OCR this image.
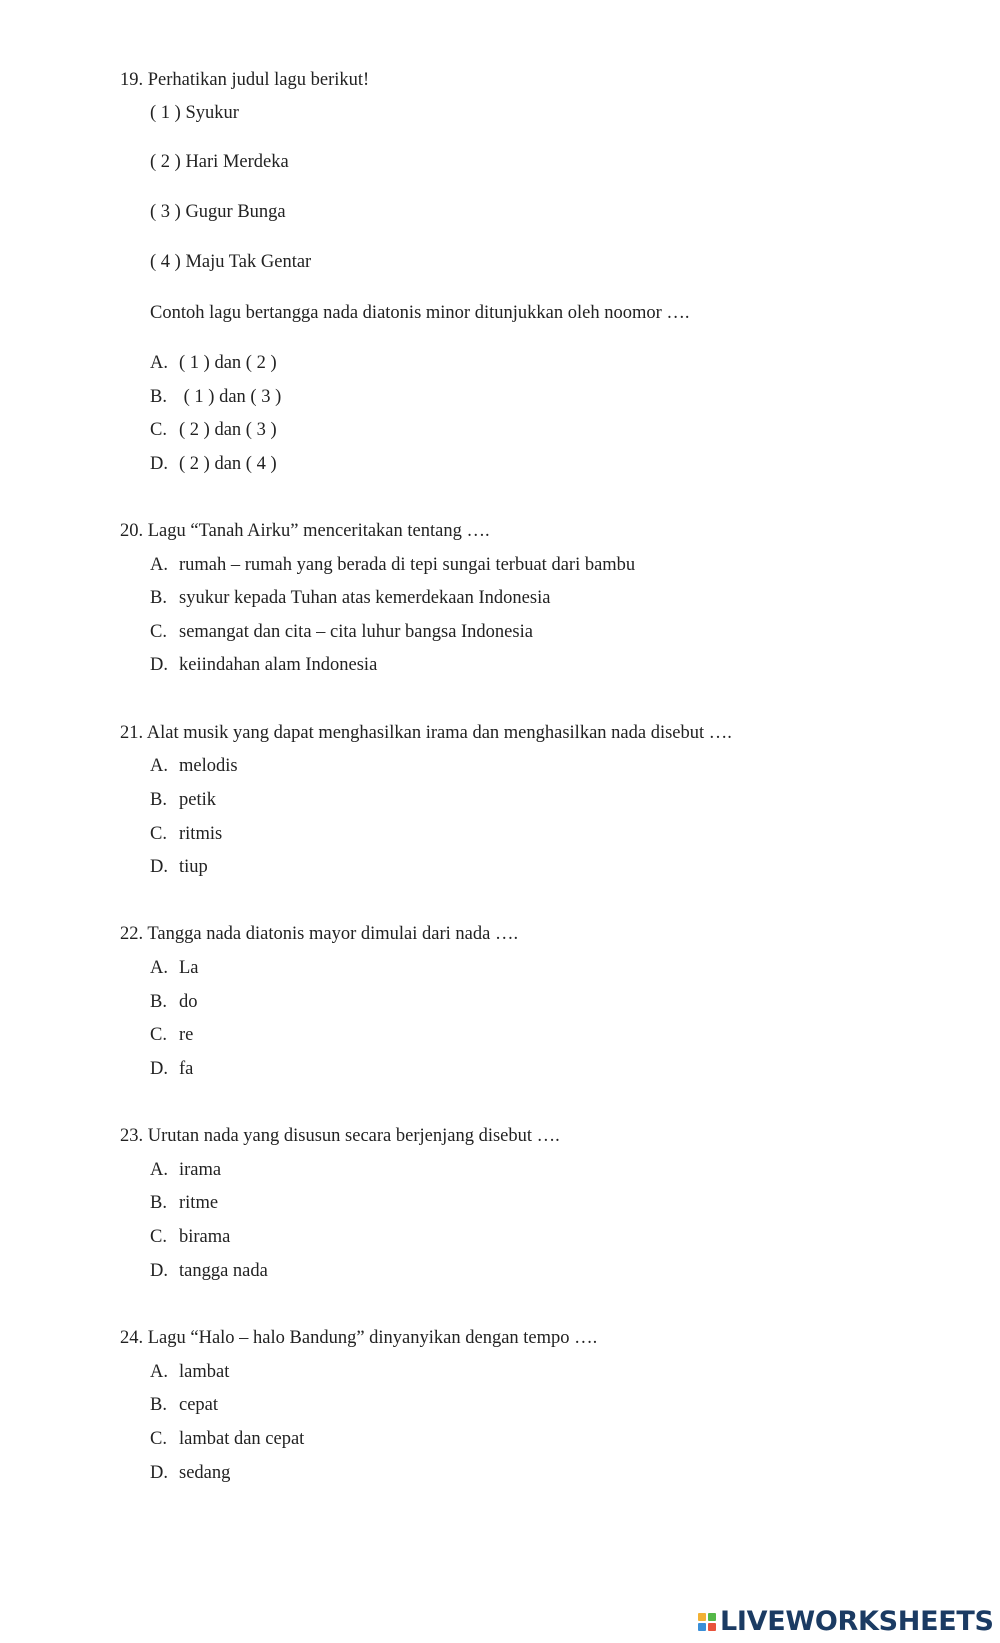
19. Perhatikan judul lagu berikut!
( 1 ) Syukur
( 2 ) Hari Merdeka
( 3 ) Gugur Bunga
( 4 ) Maju Tak Gentar
Contoh lagu bertangga nada diatonis minor ditunjukkan oleh noomor ….
A. ( 1 ) dan ( 2 )
B. ( 1 ) dan ( 3 )
C. ( 2 ) dan ( 3 )
D. ( 2 ) dan ( 4 )
20. Lagu “Tanah Airku” menceritakan tentang ….
A. rumah – rumah yang berada di tepi sungai terbuat dari bambu
B. syukur kepada Tuhan atas kemerdekaan Indonesia
C. semangat dan cita – cita luhur bangsa Indonesia
D. keiindahan alam Indonesia
21. Alat musik yang dapat menghasilkan irama dan menghasilkan nada disebut ….
A. melodis
B. petik
C. ritmis
D. tiup
22. Tangga nada diatonis mayor dimulai dari nada ….
A. La
B. do
C. re
D. fa
23. Urutan nada yang disusun secara berjenjang disebut ….
A. irama
B. ritme
C. birama
D. tangga nada
24. Lagu “Halo – halo Bandung” dinyanyikan dengan tempo ….
A. lambat
B. cepat
C. lambat dan cepat
D. sedang
LIVEWORKSHEETS
